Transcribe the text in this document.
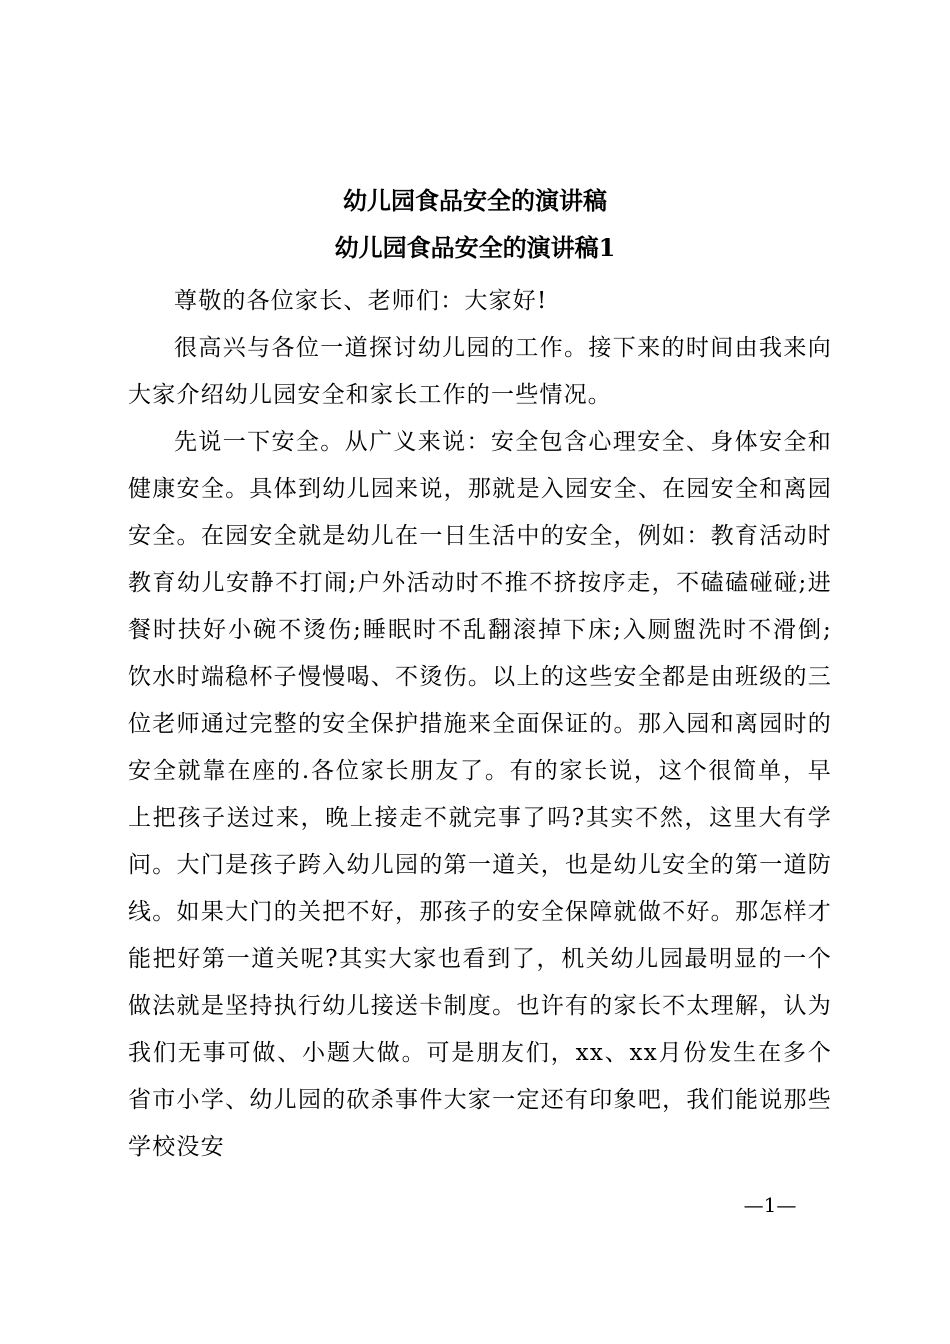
幼儿园食品安全的演讲稿
幼儿园食品安全的演讲稿1

尊敬的各位家长、老师们：大家好!

很高兴与各位一道探讨幼儿园的工作。接下来的时间由我来向大家介绍幼儿园安全和家长工作的一些情况。

先说一下安全。从广义来说：安全包含心理安全、身体安全和健康安全。具体到幼儿园来说，那就是入园安全、在园安全和离园安全。在园安全就是幼儿在一日生活中的安全，例如：教育活动时教育幼儿安静不打闹;户外活动时不推不挤按序走，不磕磕碰碰;进餐时扶好小碗不烫伤;睡眠时不乱翻滚掉下床;入厕盥洗时不滑倒;饮水时端稳杯子慢慢喝、不烫伤。以上的这些安全都是由班级的三位老师通过完整的安全保护措施来全面保证的。那入园和离园时的安全就靠在座的.各位家长朋友了。有的家长说，这个很简单，早上把孩子送过来，晚上接走不就完事了吗?其实不然，这里大有学问。大门是孩子跨入幼儿园的第一道关，也是幼儿安全的第一道防线。如果大门的关把不好，那孩子的安全保障就做不好。那怎样才能把好第一道关呢?其实大家也看到了，机关幼儿园最明显的一个做法就是坚持执行幼儿接送卡制度。也许有的家长不太理解，认为我们无事可做、小题大做。可是朋友们，xx、xx月份发生在多个省市小学、幼儿园的砍杀事件大家一定还有印象吧，我们能说那些学校没安

—1—
